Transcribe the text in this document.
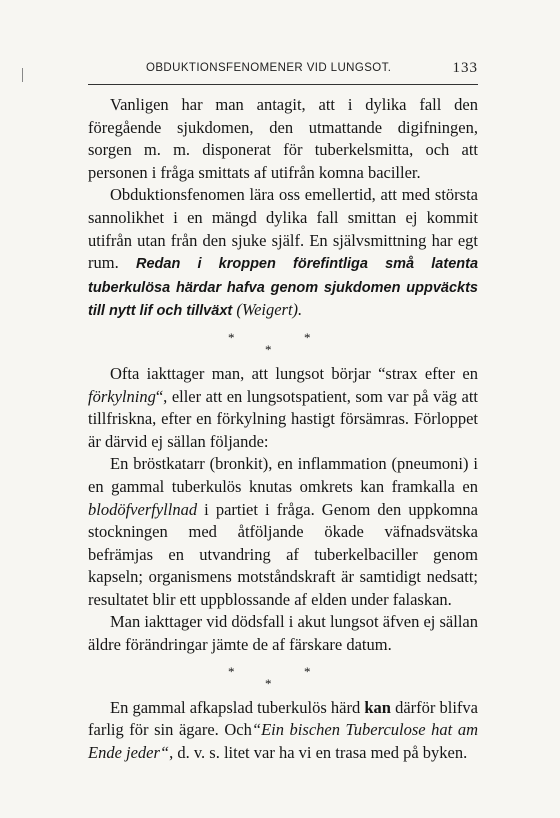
OBDUKTIONSFENOMENER VID LUNGSOT.	133

Vanligen har man antagit, att i dylika fall den föregående sjukdomen, den utmattande digifningen, sorgen m. m. disponerat för tuberkelsmitta, och att personen i fråga smittats af utifrån komna baciller.

Obduktionsfenomen lära oss emellertid, att med största sannolikhet i en mängd dylika fall smittan ej kommit utifrån utan från den sjuke själf. En självsmittning har egt rum. Redan i kroppen förefintliga små latenta tuberkulösa härdar hafva genom sjukdomen uppväckts till nytt lif och tillväxt (Weigert).

*
*
*

Ofta iakttager man, att lungsot börjar “strax efter en förkylning“, eller att en lungsotspatient, som var på väg att tillfriskna, efter en förkylning hastigt försämras. Förloppet är därvid ej sällan följande:

En bröstkatarr (bronkit), en inflammation (pneumoni) i en gammal tuberkulös knutas omkrets kan framkalla en blodöfverfyllnad i partiet i fråga. Genom den uppkomna stockningen med åtföljande ökade väfnadsvätska befrämjas en utvandring af tuberkelbaciller genom kapseln; organismens motståndskraft är samtidigt nedsatt; resultatet blir ett uppblossande af elden under falaskan.

Man iakttager vid dödsfall i akut lungsot äfven ej sällan äldre förändringar jämte de af färskare datum.

*
*
*

En gammal afkapslad tuberkulös härd kan därför blifva farlig för sin ägare. Och“Ein bischen Tuberculose hat am Ende jeder“, d. v. s. litet var ha vi en trasa med på byken.
